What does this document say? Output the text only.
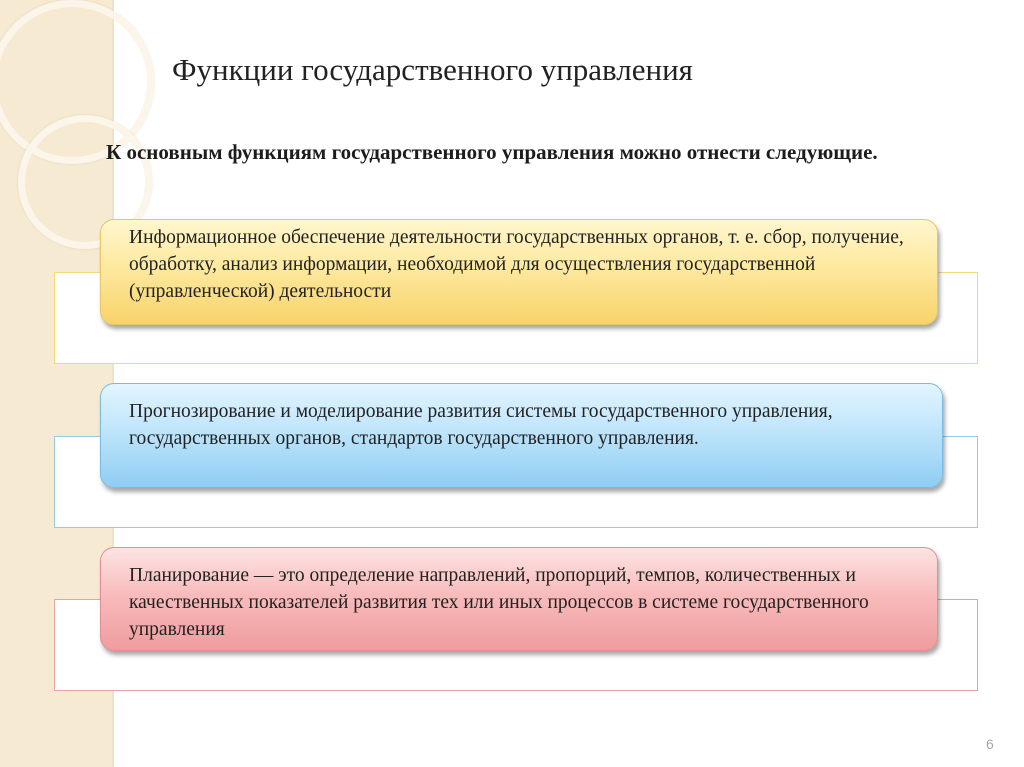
Функции государственного управления
К основным функциям государственного управления можно отнести следующие.
Информационное обеспечение деятельности государственных органов, т. е. сбор, получение, обработку, анализ информации, необходимой для осуществления государственной (управленческой) деятельности
Прогнозирование и моделирование развития системы государственного управления, государственных органов, стандартов государственного управления.
Планирование — это определение направлений, пропорций, темпов, количественных и качественных показателей развития тех или иных процессов в системе государственного управления
6
